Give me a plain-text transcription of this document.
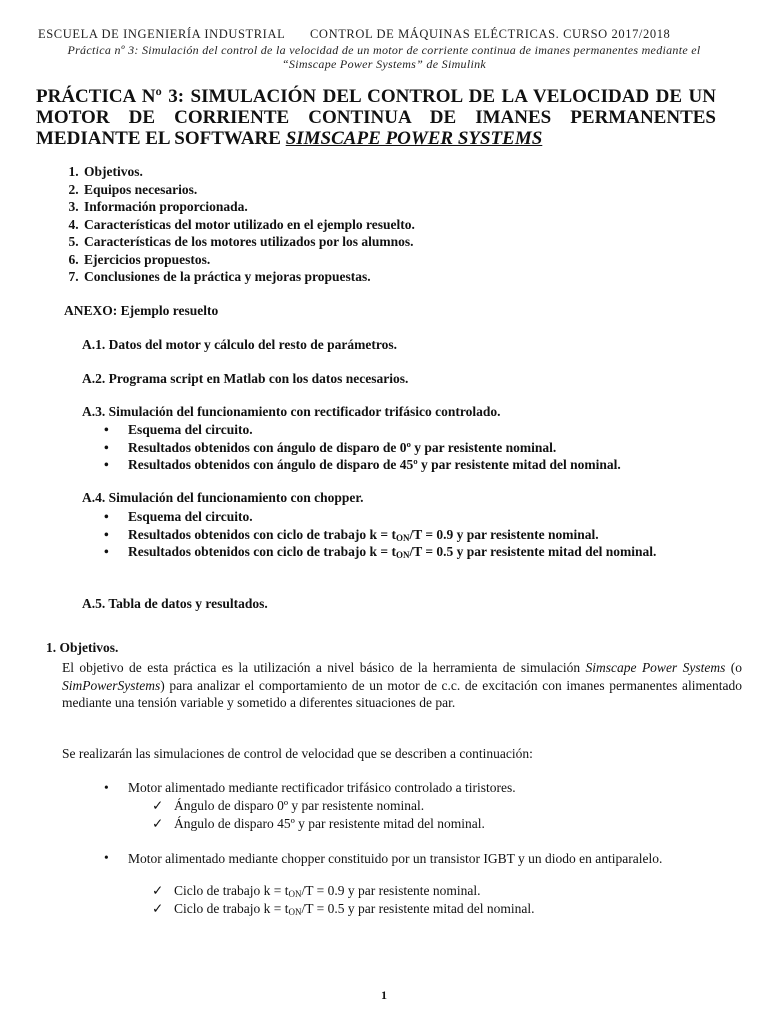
ESCUELA DE INGENIERÍA INDUSTRIAL CONTROL DE MÁQUINAS ELÉCTRICAS. CURSO 2017/2018
Práctica nº 3: Simulación del control de la velocidad de un motor de corriente continua de imanes permanentes mediante el
“Simscape Power Systems” de Simulink
PRÁCTICA Nº 3: SIMULACIÓN DEL CONTROL DE LA VELOCIDAD DE UN MOTOR DE CORRIENTE CONTINUA DE IMANES PERMANENTES MEDIANTE EL SOFTWARE SIMSCAPE POWER SYSTEMS
1. Objetivos.
2. Equipos necesarios.
3. Información proporcionada.
4. Características del motor utilizado en el ejemplo resuelto.
5. Características de los motores utilizados por los alumnos.
6. Ejercicios propuestos.
7. Conclusiones de la práctica y mejoras propuestas.
ANEXO: Ejemplo resuelto
A.1. Datos del motor y cálculo del resto de parámetros.
A.2. Programa script en Matlab con los datos necesarios.
A.3. Simulación del funcionamiento con rectificador trifásico controlado.
• Esquema del circuito.
• Resultados obtenidos con ángulo de disparo de 0º y par resistente nominal.
• Resultados obtenidos con ángulo de disparo de 45º y par resistente mitad del nominal.
A.4. Simulación del funcionamiento con chopper.
• Esquema del circuito.
• Resultados obtenidos con ciclo de trabajo $k = t_{ON}/T = 0.9$ y par resistente nominal.
• Resultados obtenidos con ciclo de trabajo $k = t_{ON}/T = 0.5$ y par resistente mitad del nominal.
A.5. Tabla de datos y resultados.
1. Objetivos.
El objetivo de esta práctica es la utilización a nivel básico de la herramienta de simulación Simscape Power Systems (o SimPowerSystems) para analizar el comportamiento de un motor de c.c. de excitación con imanes permanentes alimentado mediante una tensión variable y sometido a diferentes situaciones de par.
Se realizarán las simulaciones de control de velocidad que se describen a continuación:
• Motor alimentado mediante rectificador trifásico controlado a tiristores.
✓ Ángulo de disparo 0º y par resistente nominal.
✓ Ángulo de disparo 45º y par resistente mitad del nominal.
• Motor alimentado mediante chopper constituido por un transistor IGBT y un diodo en antiparalelo.
✓ Ciclo de trabajo $k = t_{ON}/T = 0.9$ y par resistente nominal.
✓ Ciclo de trabajo $k = t_{ON}/T = 0.5$ y par resistente mitad del nominal.
1
